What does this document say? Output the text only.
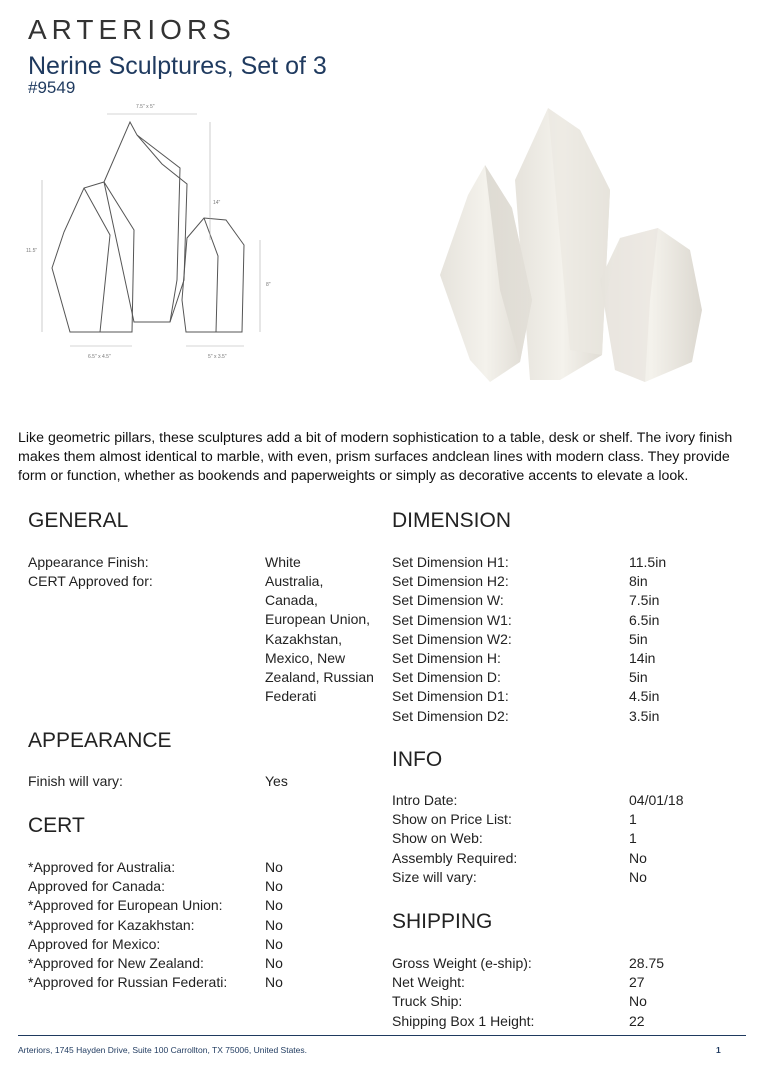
ARTERIORS
Nerine Sculptures, Set of 3
#9549
7.5" x 5"
14"
11.5"
8"
6.5" x 4.5"	5" x 3.5"

Like geometric pillars, these sculptures add a bit of modern sophistication to a table, desk or shelf. The ivory finish makes them almost identical to marble, with even, prism surfaces andclean lines with modern class. They provide form or function, whether as bookends and paperweights or simply as decorative accents to elevate a look.

GENERAL
Appearance Finish:	White
CERT Approved for:	Australia,
Canada,
European Union,
Kazakhstan,
Mexico, New
Zealand, Russian
Federati
APPEARANCE
Finish will vary:	Yes
CERT
*Approved for Australia:	No
Approved for Canada:	No
*Approved for European Union:	No
*Approved for Kazakhstan:	No
Approved for Mexico:	No
*Approved for New Zealand:	No
*Approved for Russian Federati:	No
DIMENSION
Set Dimension H1:	11.5in
Set Dimension H2:	8in
Set Dimension W:	7.5in
Set Dimension W1:	6.5in
Set Dimension W2:	5in
Set Dimension H:	14in
Set Dimension D:	5in
Set Dimension D1:	4.5in
Set Dimension D2:	3.5in
INFO
Intro Date:	04/01/18
Show on Price List:	1
Show on Web:	1
Assembly Required:	No
Size will vary:	No
SHIPPING
Gross Weight (e-ship):	28.75
Net Weight:	27
Truck Ship:	No
Shipping Box 1 Height:	22
Arteriors, 1745 Hayden Drive, Suite 100 Carrollton, TX 75006, United States.	1
